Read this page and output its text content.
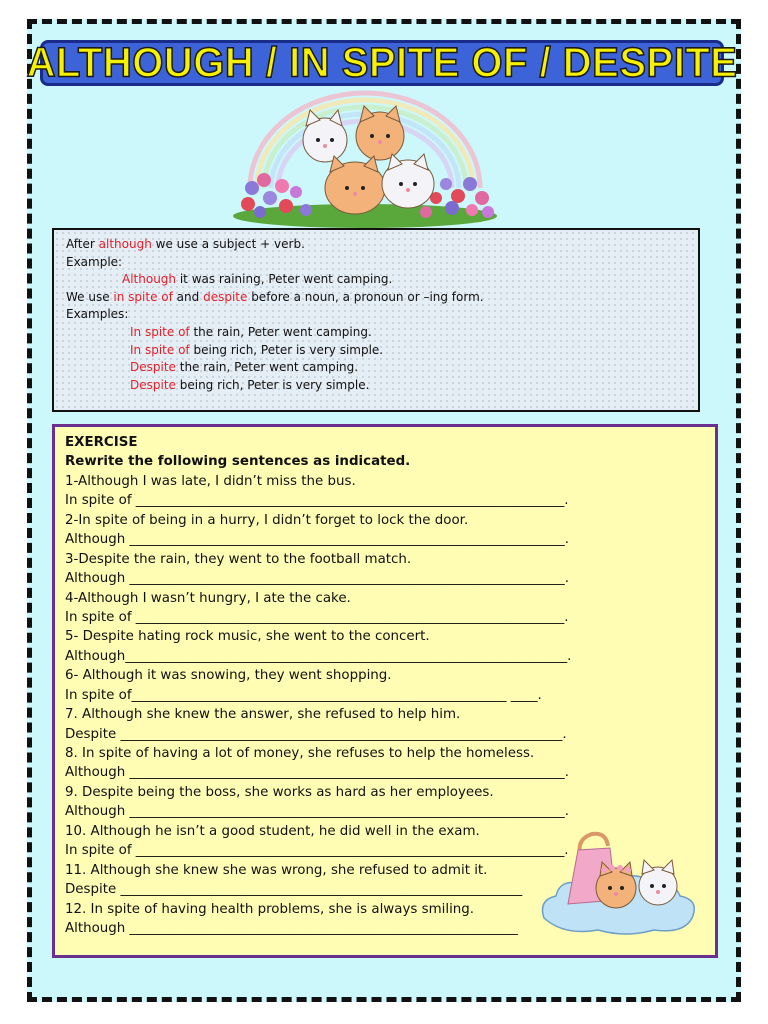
ALTHOUGH / IN SPITE OF / DESPITE
After although we use a subject + verb.
Example:
Although it was raining, Peter went camping.
We use in spite of and despite before a noun, a pronoun or –ing form.
Examples:
In spite of the rain, Peter went camping.
In spite of being rich, Peter is very simple.
Despite the rain, Peter went camping.
Despite being rich, Peter is very simple.
EXERCISE
Rewrite the following sentences as indicated.
1-Although I was late, I didn’t miss the bus.
In spite of ________________________________________________________________.
2-In spite of being in a hurry, I didn’t forget to lock the door.
Although _________________________________________________________________.
3-Despite the rain, they went to the football match.
Although _________________________________________________________________.
4-Although I wasn’t hungry, I ate the cake.
In spite of ________________________________________________________________.
5- Despite hating rock music, she went to the concert.
Although__________________________________________________________________.
6- Although it was snowing, they went shopping.
In spite of________________________________________________________ ____.
7. Although she knew the answer, she refused to help him.
Despite __________________________________________________________________.
8. In spite of having a lot of money, she refuses to help the homeless.
Although _________________________________________________________________.
9. Despite being the boss, she works as hard as her employees.
Although _________________________________________________________________.
10. Although he isn’t a good student, he did well in the exam.
In spite of ________________________________________________________________.
11. Although she knew she was wrong, she refused to admit it.
Despite ____________________________________________________________
12. In spite of having health problems, she is always smiling.
Although __________________________________________________________
